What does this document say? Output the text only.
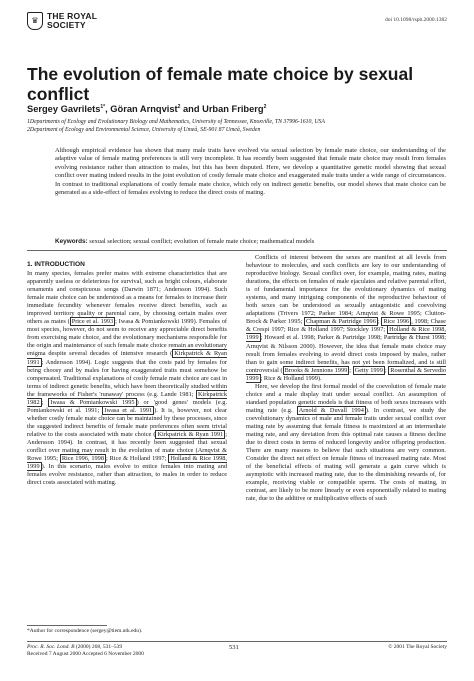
♛ THE ROYAL
SOCIETY	doi 10.1098/rspb.2000.1382
The evolution of female mate choice by sexual conflict
Sergey Gavrilets$^{1*}$, Göran Arnqvist$^2$ and Urban Friberg$^2$
1Departments of Ecology and Evolutionary Biology and Mathematics, University of Tennessee, Knoxville, TN 37996-1610, USA
2Department of Ecology and Environmental Science, University of Umeå, SE-901 87 Umeå, Sweden

Although empirical evidence has shown that many male traits have evolved via sexual selection by female mate choice, our understanding of the adaptive value of female mating preferences is still very incomplete. It has recently been suggested that female mate choice may result from females evolving resistance rather than attraction to males, but this has been disputed. Here, we develop a quantitative genetic model showing that sexual conflict over mating indeed results in the joint evolution of costly female mate choice and exaggerated male traits under a wide range of circumstances. In contrast to traditional explanations of costly female mate choice, which rely on indirect genetic benefits, our model shows that mate choice can be generated as a side-effect of females evolving to reduce the direct costs of mating.

Keywords: sexual selection; sexual conflict; evolution of female mate choice; mathematical models
1. INTRODUCTION

In many species, females prefer mates with extreme characteristics that are apparently useless or deleterious for survival, such as bright colours, elaborate ornaments and conspicuous songs (Darwin 1871; Andersson 1994). Such female mate choice can be understood as a means for females to increase their immediate fecundity whenever females receive direct benefits, such as improved territory quality or parental care, by choosing certain males over others as mates ( Price et al. 1993 ; Iwasa & Pomiankowski 1999). Females of most species, however, do not seem to receive any appreciable direct benefits from exercising mate choice, and the evolutionary mechanisms responsible for the origin and maintenance of such female mate choice remain an evolutionary enigma despite several decades of intensive research ( Kirkpatrick & Ryan 1991 ; Andersson 1994). Logic suggests that the costs paid by females for being choosy and by males for having exaggerated traits must somehow be compensated. Traditional explanations of costly female mate choice are cast in terms of indirect genetic benefits, which have been theoretically studied within the frameworks of Fisher's 'runaway' process (e.g. Lande 1981; Kirkpatrick 1982 ; Iwasa & Pomiankowski 1995 ) or 'good genes' models (e.g. Pomiankowski et al. 1991; Iwasa et al. 1991 ). It is, however, not clear whether costly female mate choice can be maintained by these processes, since the suggested indirect benefits of female mate preferences often seem trivial relative to the costs associated with mate choice ( Kirkpatrick & Ryan 1991 ; Andersson 1994). In contrast, it has recently been suggested that sexual conflict over mating may result in the evolution of mate choice (Arnqvist & Rowe 1995; Rice 1996, 1998 ; Rice & Holland 1997; Holland & Rice 1998, 1999 ). In this scenario, males evolve to entice females into mating and females evolve resistance, rather than attraction, to males in order to reduce direct costs associated with mating.

Conflicts of interest between the sexes are manifest at all levels from behaviour to molecules, and such conflicts are key to our understanding of reproductive biology. Sexual conflict over, for example, mating rates, mating durations, the effects on females of male ejaculates and relative parental effort, is of fundamental importance for the evolutionary dynamics of mating systems, and many intriguing components of the reproductive behaviour of both sexes can be understood as sexually antagonistic and coevolving adaptations (Trivers 1972; Parker 1984; Arnqvist & Rowe 1995; Clutton-Brock & Parker 1995; Chapman & Partridge 1996 ; Rice 1996 , 1998; Chase & Crespi 1997; Rice & Holland 1997; Stockley 1997; Holland & Rice 1998, 1999 ; Howard et al. 1998; Parker & Partridge 1998; Partridge & Hurst 1998; Arnqvist & Nilsson 2000). However, the idea that female mate choice may result from females evolving to avoid direct costs imposed by males, rather than to gain some indirect benefits, has not yet been formalized, and is still controversial ( Brooks & Jennions 1999 ; Getty 1999 ; Rosenthal & Servedio 1999 ; Rice & Holland 1999).

Here, we develop the first formal model of the coevolution of female mate choice and a male display trait under sexual conflict. An assumption of standard population genetic models is that fitness of both sexes increases with mating rate (e.g. Arnold & Duvall 1994 ). In contrast, we study the coevolutionary dynamics of male and female traits under sexual conflict over mating rate by assuming that female fitness is maximized at an intermediate mating rate, and any deviation from this optimal rate causes a fitness decline due to direct costs in terms of reduced longevity and/or offspring production. There are many reasons to believe that such situations are very common. Consider the direct net effect on female fitness of increased mating rate. Most of the beneficial effects of mating will generate a gain curve which is asymptotic with increased mating rate, due to the diminishing rewards of, for example, receiving viable or compatible sperm. The costs of mating, in contrast, are likely to be more linearly or even exponentially related to mating rate, due to the additive or multiplicative effects of such

*Author for correspondence (sergey@tiem.utk.edu).
Proc. R. Soc. Lond. B (2000) 268, 531–539
Received 7 August 2000 Accepted 6 November 2000
531	© 2001 The Royal Society
